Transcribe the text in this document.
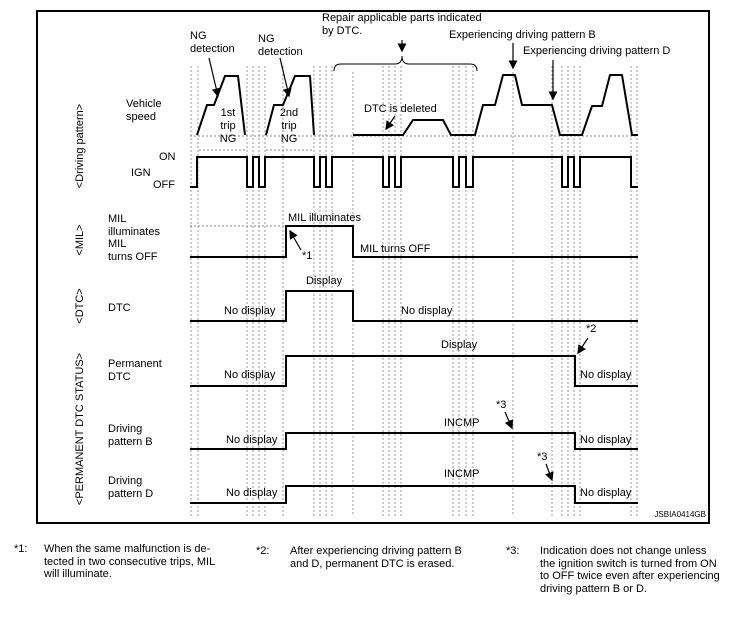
<Driving pattern>
<MIL>
<DTC>
<PERMANENT DTC STATUS>
Vehicle
speed
IGN
ON
OFF
MIL
illuminates
MIL
turns OFF
DTC
Permanent
DTC
Driving
pattern B
Driving
pattern D
NG
detection
NG
detection
Repair applicable parts indicated
by DTC.	Experiencing driving pattern B
Experiencing driving pattern D
DTC is deleted
1st
trip
NG
2nd
trip
NG
MIL illuminates
MIL turns OFF
*1
Display
No display	No display
Display
No display	No display
*2
INCMP
No display	No display
*3
INCMP
No display	No display
*3
JSBIA0414GB
*1: When the same malfunction is de-
tected in two consecutive trips, MIL
will illuminate.
*2: After experiencing driving pattern B
and D, permanent DTC is erased.
*3: Indication does not change unless
the ignition switch is turned from ON
to OFF twice even after experiencing
driving pattern B or D.
